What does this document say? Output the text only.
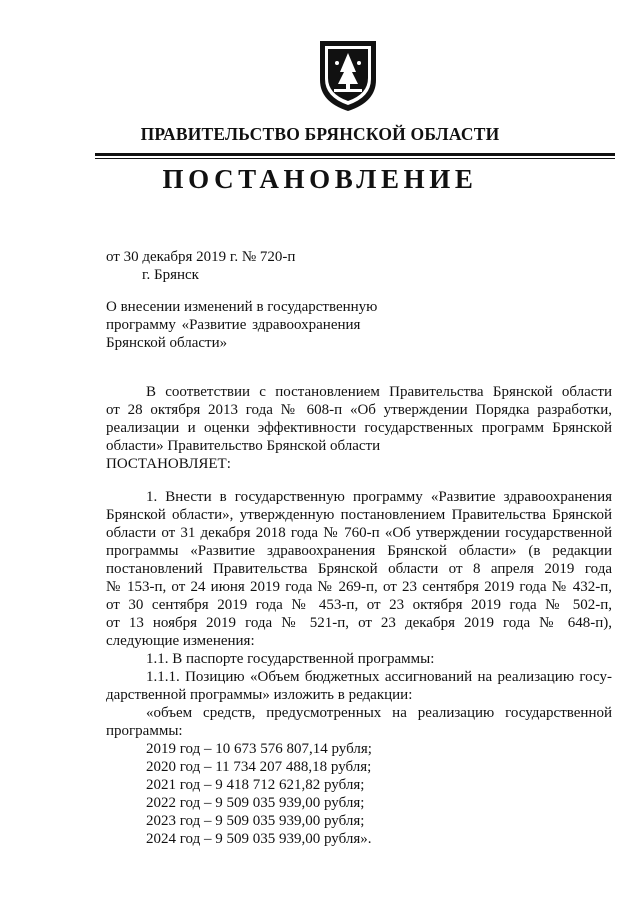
ПРАВИТЕЛЬСТВО БРЯНСКОЙ ОБЛАСТИ
ПОСТАНОВЛЕНИЕ
от 30 декабря 2019 г. № 720-п
г. Брянск
О внесении изменений в государственную
программу «Развитие здравоохранения
Брянской области»
В соответствии с постановлением Правительства Брянской области
от 28 октября 2013 года № 608-п «Об утверждении Порядка разработки,
реализации и оценки эффективности государственных программ Брянской
области» Правительство Брянской области
ПОСТАНОВЛЯЕТ:
1. Внести в государственную программу «Развитие здравоохранения
Брянской области», утвержденную постановлением Правительства Брянской
области от 31 декабря 2018 года № 760-п «Об утверждении государственной
программы «Развитие здравоохранения Брянской области» (в редакции
постановлений Правительства Брянской области от 8 апреля 2019 года
№ 153-п, от 24 июня 2019 года № 269-п, от 23 сентября 2019 года № 432-п,
от 30 сентября 2019 года № 453-п, от 23 октября 2019 года № 502-п,
от 13 ноября 2019 года № 521-п, от 23 декабря 2019 года № 648-п),
следующие изменения:
1.1. В паспорте государственной программы:
1.1.1. Позицию «Объем бюджетных ассигнований на реализацию госу-
дарственной программы» изложить в редакции:
«объем средств, предусмотренных на реализацию государственной
программы:
2019 год – 10 673 576 807,14 рубля;
2020 год – 11 734 207 488,18 рубля;
2021 год – 9 418 712 621,82 рубля;
2022 год – 9 509 035 939,00 рубля;
2023 год – 9 509 035 939,00 рубля;
2024 год – 9 509 035 939,00 рубля».
